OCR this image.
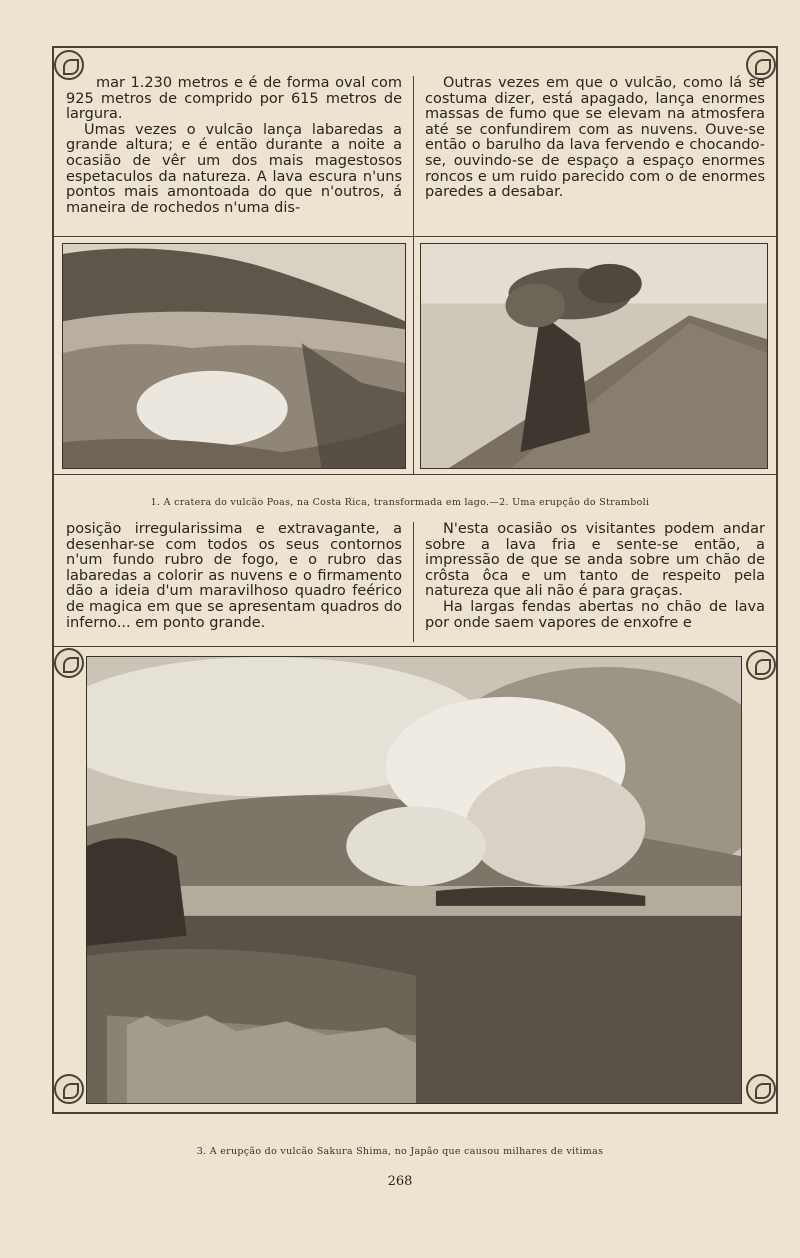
mar 1.230 metros e é de forma oval com 925 metros de comprido por 615 metros de largura.

Umas vezes o vulcão lança labaredas a grande altura; e é então durante a noite a ocasião de vêr um dos mais magestosos espetaculos da natureza. A lava escura n'uns pontos mais amontoada do que n'outros, á maneira de rochedos n'uma dis-

Outras vezes em que o vulcão, como lá se costuma dizer, está apagado, lança enormes massas de fumo que se elevam na atmosfera até se confundirem com as nuvens. Ouve-se então o barulho da lava fervendo e chocando-se, ouvindo-se de espaço a espaço enormes roncos e um ruido parecido com o de enormes paredes a desabar.

1. A cratera do vulcão Poas, na Costa Rica, transformada em lago.—2. Uma erupção do Stramboli

posição irregularissima e extravagante, a desenhar-se com todos os seus contornos n'um fundo rubro de fogo, e o rubro das labaredas a colorir as nuvens e o firmamento dão a ideia d'um maravilhoso quadro feérico de magica em que se apresentam quadros do inferno... em ponto grande.

N'esta ocasião os visitantes podem andar sobre a lava fria e sente-se então, a impressão de que se anda sobre um chão de crôsta ôca e um tanto de respeito pela natureza que ali não é para graças.

Ha largas fendas abertas no chão de lava por onde saem vapores de enxofre e

3. A erupção do vulcão Sakura Shima, no Japão que causou milhares de vitimas
268
